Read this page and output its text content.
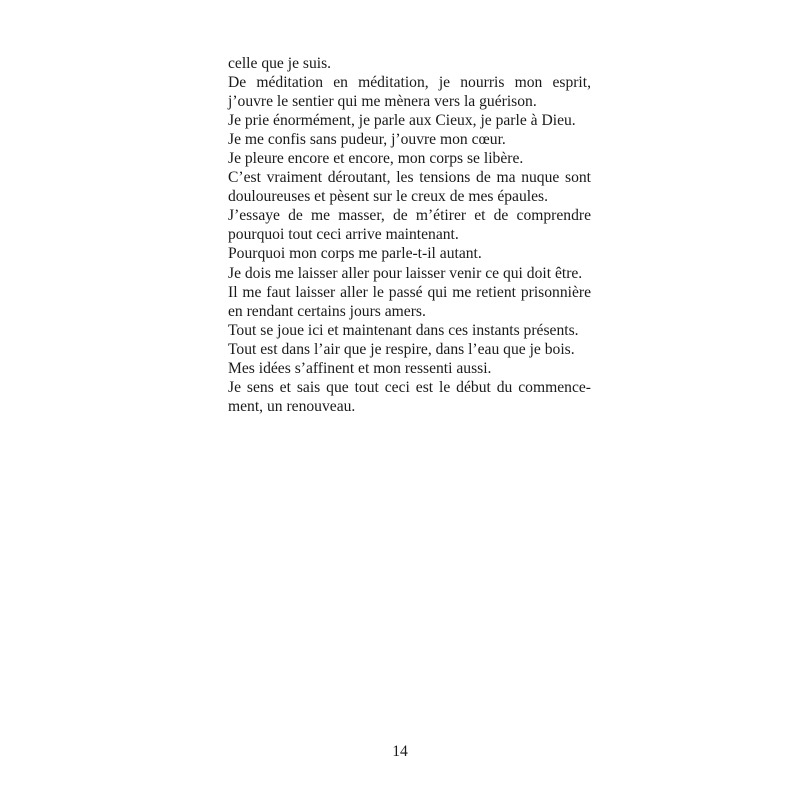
celle que je suis.
De méditation en méditation, je nourris mon esprit,
j’ouvre le sentier qui me mènera vers la guérison.
Je prie énormément, je parle aux Cieux, je parle à Dieu.
Je me confis sans pudeur, j’ouvre mon cœur.
Je pleure encore et encore, mon corps se libère.
C’est vraiment déroutant, les tensions de ma nuque sont
douloureuses et pèsent sur le creux de mes épaules.
J’essaye de me masser, de m’étirer et de comprendre
pourquoi tout ceci arrive maintenant.
Pourquoi mon corps me parle-t-il autant.
Je dois me laisser aller pour laisser venir ce qui doit être.
Il me faut laisser aller le passé qui me retient prisonnière
en rendant certains jours amers.
Tout se joue ici et maintenant dans ces instants présents.
Tout est dans l’air que je respire, dans l’eau que je bois.
Mes idées s’affinent et mon ressenti aussi.
Je sens et sais que tout ceci est le début du commence-
ment, un renouveau.
14
